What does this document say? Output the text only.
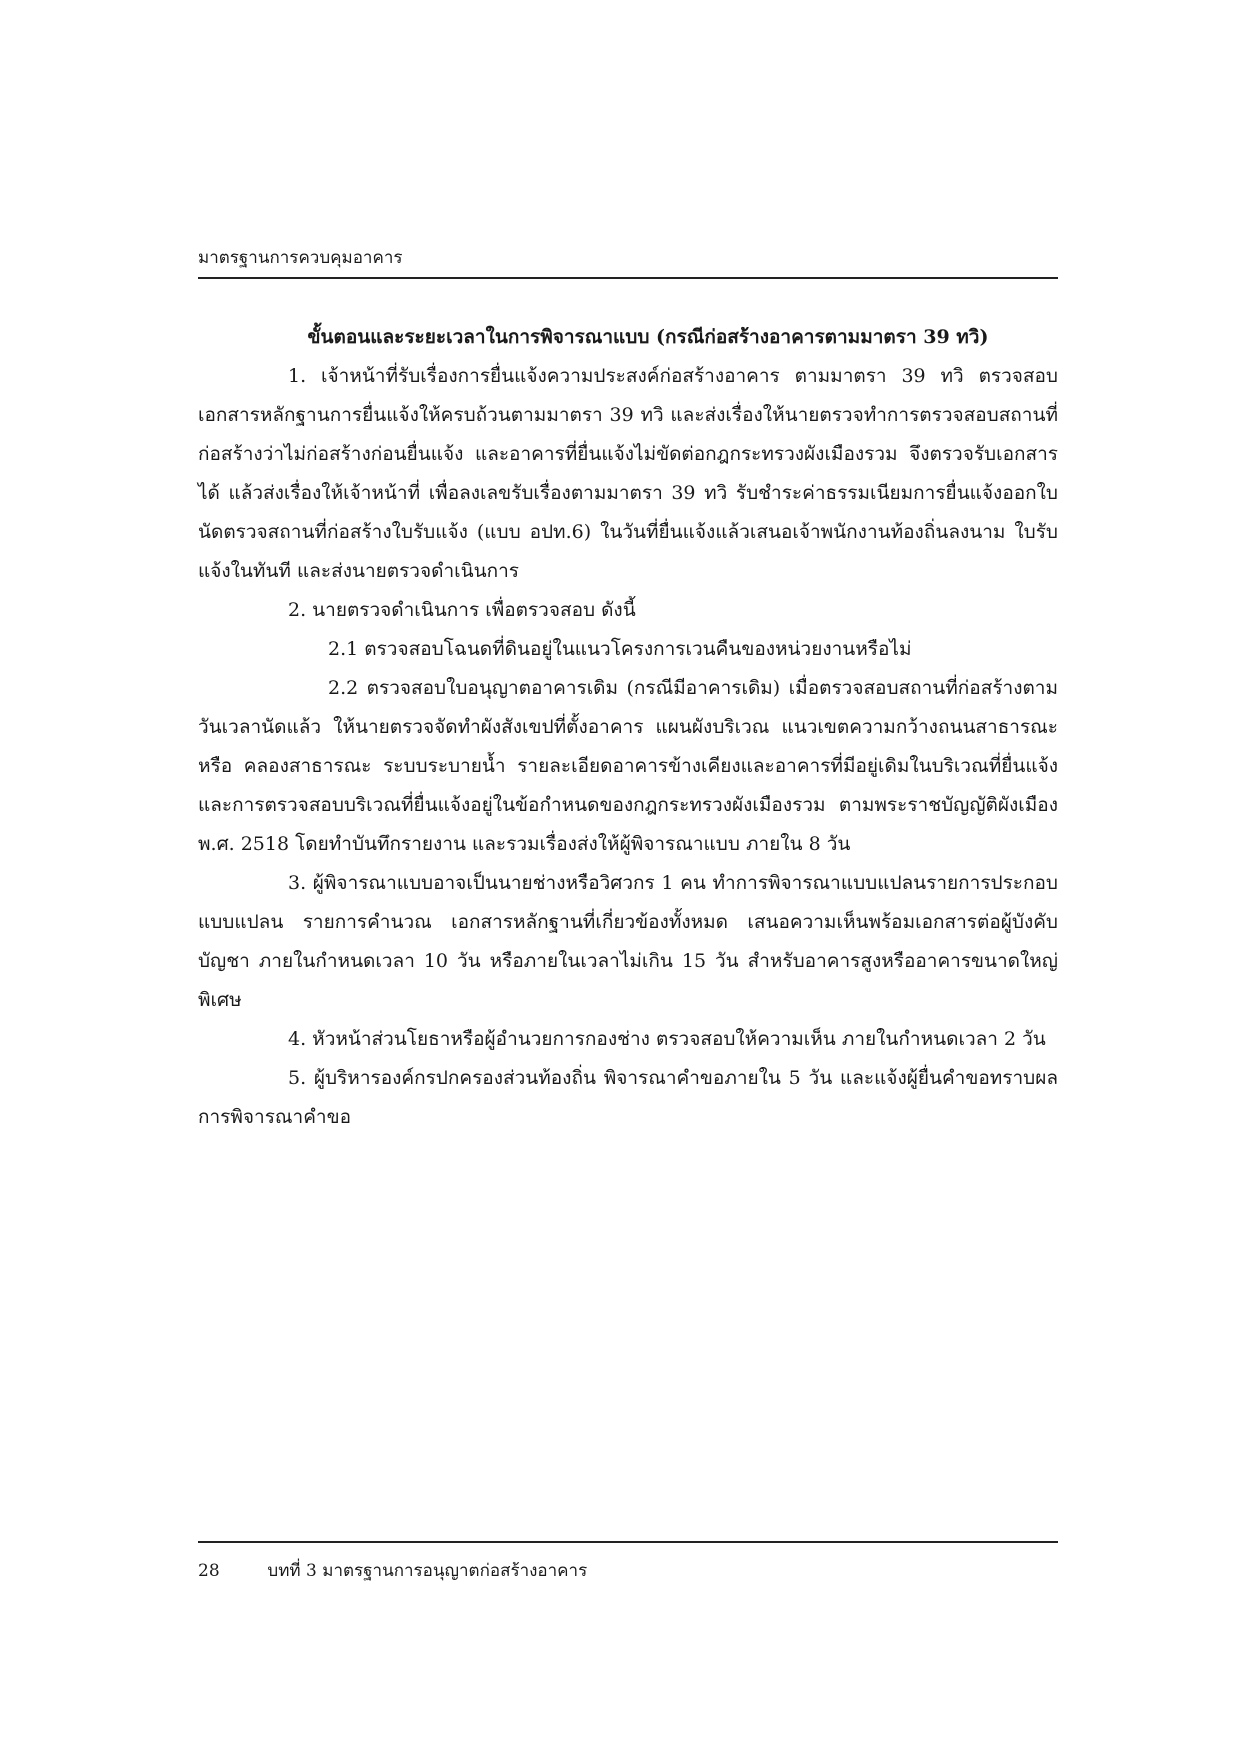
มาตรฐานการควบคุมอาคาร

ขั้นตอนและระยะเวลาในการพิจารณาแบบ (กรณีก่อสร้างอาคารตามมาตรา 39 ทวิ)

1. เจ้าหน้าที่รับเรื่องการยื่นแจ้งความประสงค์ก่อสร้างอาคาร ตามมาตรา 39 ทวิ ตรวจสอบเอกสารหลักฐานการยื่นแจ้งให้ครบถ้วนตามมาตรา 39 ทวิ และส่งเรื่องให้นายตรวจทำการตรวจสอบสถานที่ก่อสร้างว่าไม่ก่อสร้างก่อนยื่นแจ้ง และอาคารที่ยื่นแจ้งไม่ขัดต่อกฎกระทรวงผังเมืองรวม จึงตรวจรับเอกสารได้ แล้วส่งเรื่องให้เจ้าหน้าที่ เพื่อลงเลขรับเรื่องตามมาตรา 39 ทวิ รับชำระค่าธรรมเนียมการยื่นแจ้งออกใบนัดตรวจสถานที่ก่อสร้างใบรับแจ้ง (แบบ อปท.6) ในวันที่ยื่นแจ้งแล้วเสนอเจ้าพนักงานท้องถิ่นลงนาม ใบรับแจ้งในทันที และส่งนายตรวจดำเนินการ

2. นายตรวจดำเนินการ เพื่อตรวจสอบ ดังนี้

2.1 ตรวจสอบโฉนดที่ดินอยู่ในแนวโครงการเวนคืนของหน่วยงานหรือไม่

2.2 ตรวจสอบใบอนุญาตอาคารเดิม (กรณีมีอาคารเดิม) เมื่อตรวจสอบสถานที่ก่อสร้างตามวันเวลานัดแล้ว ให้นายตรวจจัดทำผังสังเขปที่ตั้งอาคาร แผนผังบริเวณ แนวเขตความกว้างถนนสาธารณะ หรือ คลองสาธารณะ ระบบระบายน้ำ รายละเอียดอาคารข้างเคียงและอาคารที่มีอยู่เดิมในบริเวณที่ยื่นแจ้ง และการตรวจสอบบริเวณที่ยื่นแจ้งอยู่ในข้อกำหนดของกฎกระทรวงผังเมืองรวม ตามพระราชบัญญัติผังเมือง พ.ศ. 2518 โดยทำบันทึกรายงาน และรวมเรื่องส่งให้ผู้พิจารณาแบบ ภายใน 8 วัน

3. ผู้พิจารณาแบบอาจเป็นนายช่างหรือวิศวกร 1 คน ทำการพิจารณาแบบแปลนรายการประกอบแบบแปลน รายการคำนวณ เอกสารหลักฐานที่เกี่ยวข้องทั้งหมด เสนอความเห็นพร้อมเอกสารต่อผู้บังคับบัญชา ภายในกำหนดเวลา 10 วัน หรือภายในเวลาไม่เกิน 15 วัน สำหรับอาคารสูงหรืออาคารขนาดใหญ่พิเศษ

4. หัวหน้าส่วนโยธาหรือผู้อำนวยการกองช่าง ตรวจสอบให้ความเห็น ภายในกำหนดเวลา 2 วัน

5. ผู้บริหารองค์กรปกครองส่วนท้องถิ่น พิจารณาคำขอภายใน 5 วัน และแจ้งผู้ยื่นคำขอทราบผลการพิจารณาคำขอ

28	บทที่ 3 มาตรฐานการอนุญาตก่อสร้างอาคาร
